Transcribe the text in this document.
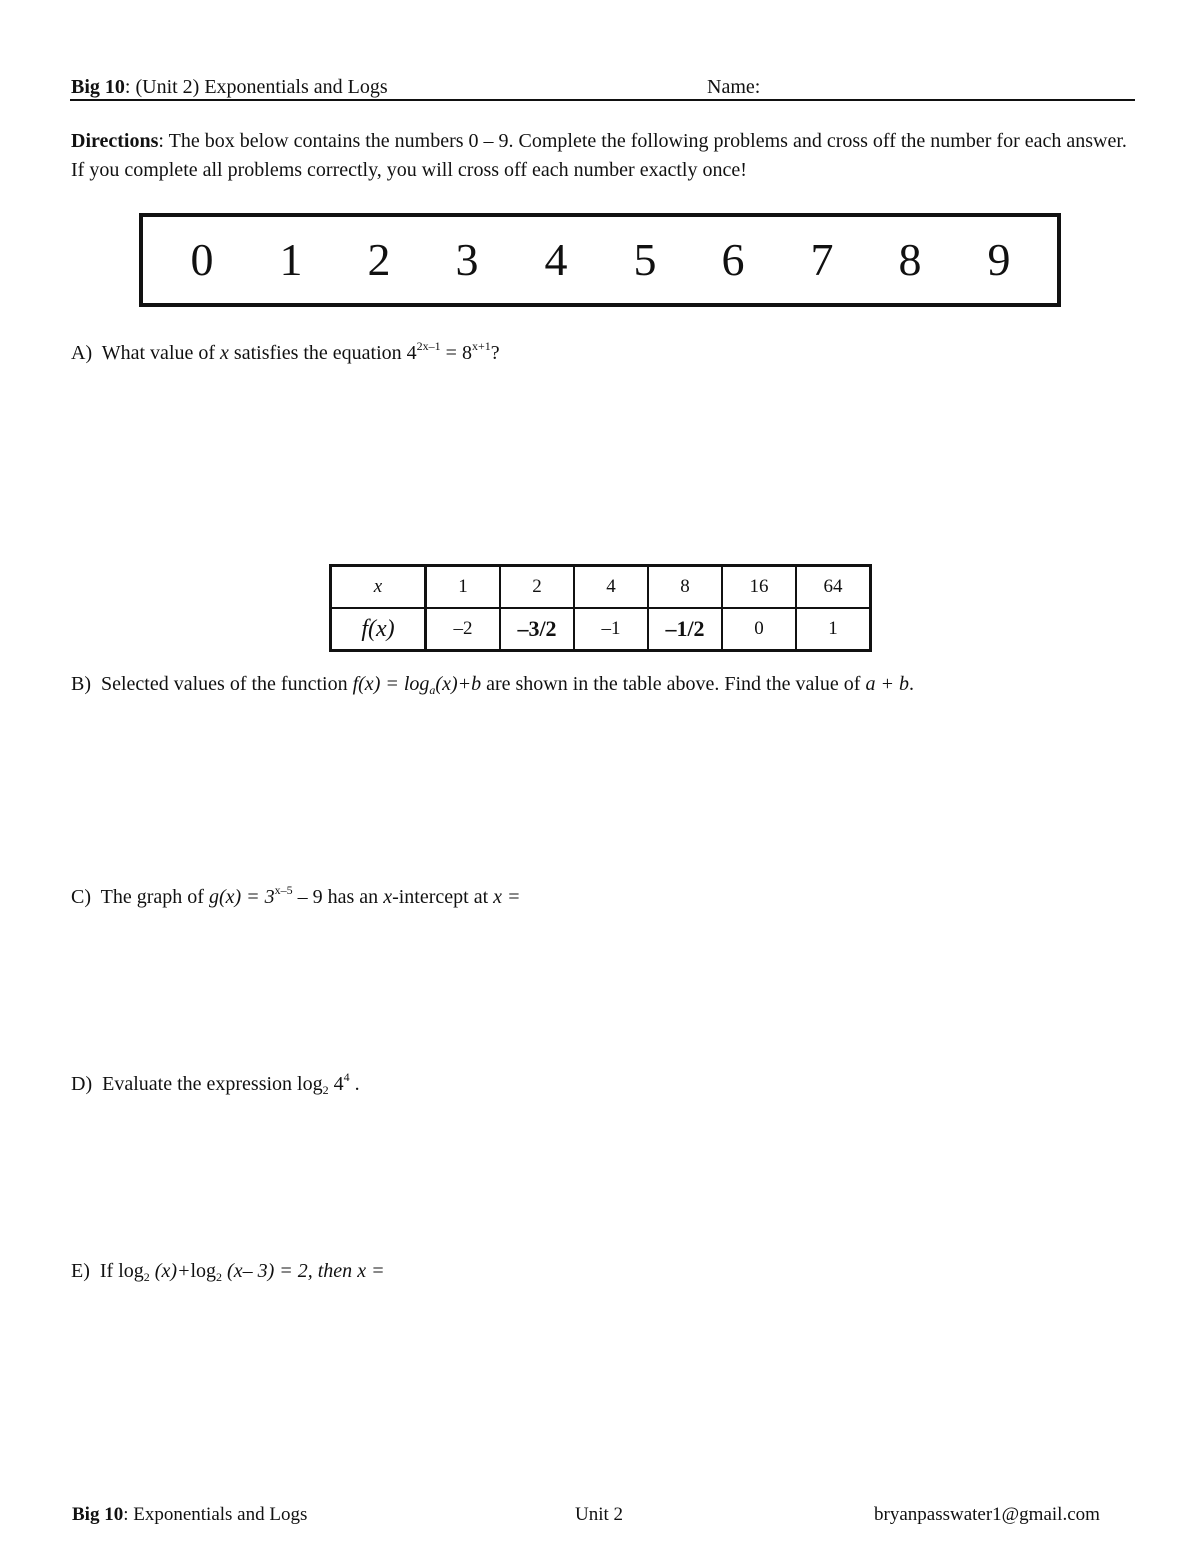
Big 10: (Unit 2) Exponentials and Logs	Name:
Directions: The box below contains the numbers 0 – 9. Complete the following problems and cross off the number for each answer. If you complete all problems correctly, you will cross off each number exactly once!
0	1	2	3	4	5	6	7	8	9
A) What value of x satisfies the equation $4^{2x-1} = 8^{x+1}$?
x	1	2	4	8	16	64
f(x)	–2	–3/2	–1	–1/2	0	1
B) Selected values of the function $f(x) = \log_a(x)+b$ are shown in the table above. Find the value of a + b.
C) The graph of $g(x) = 3^{x-5} - 9$ has an x-intercept at x =
D) Evaluate the expression $\log_2 4^4$ .
E) If $\log_2 (x)+\log_2$ (x– 3) = 2, then x =
Big 10: Exponentials and Logs	Unit 2	bryanpasswater1@gmail.com
